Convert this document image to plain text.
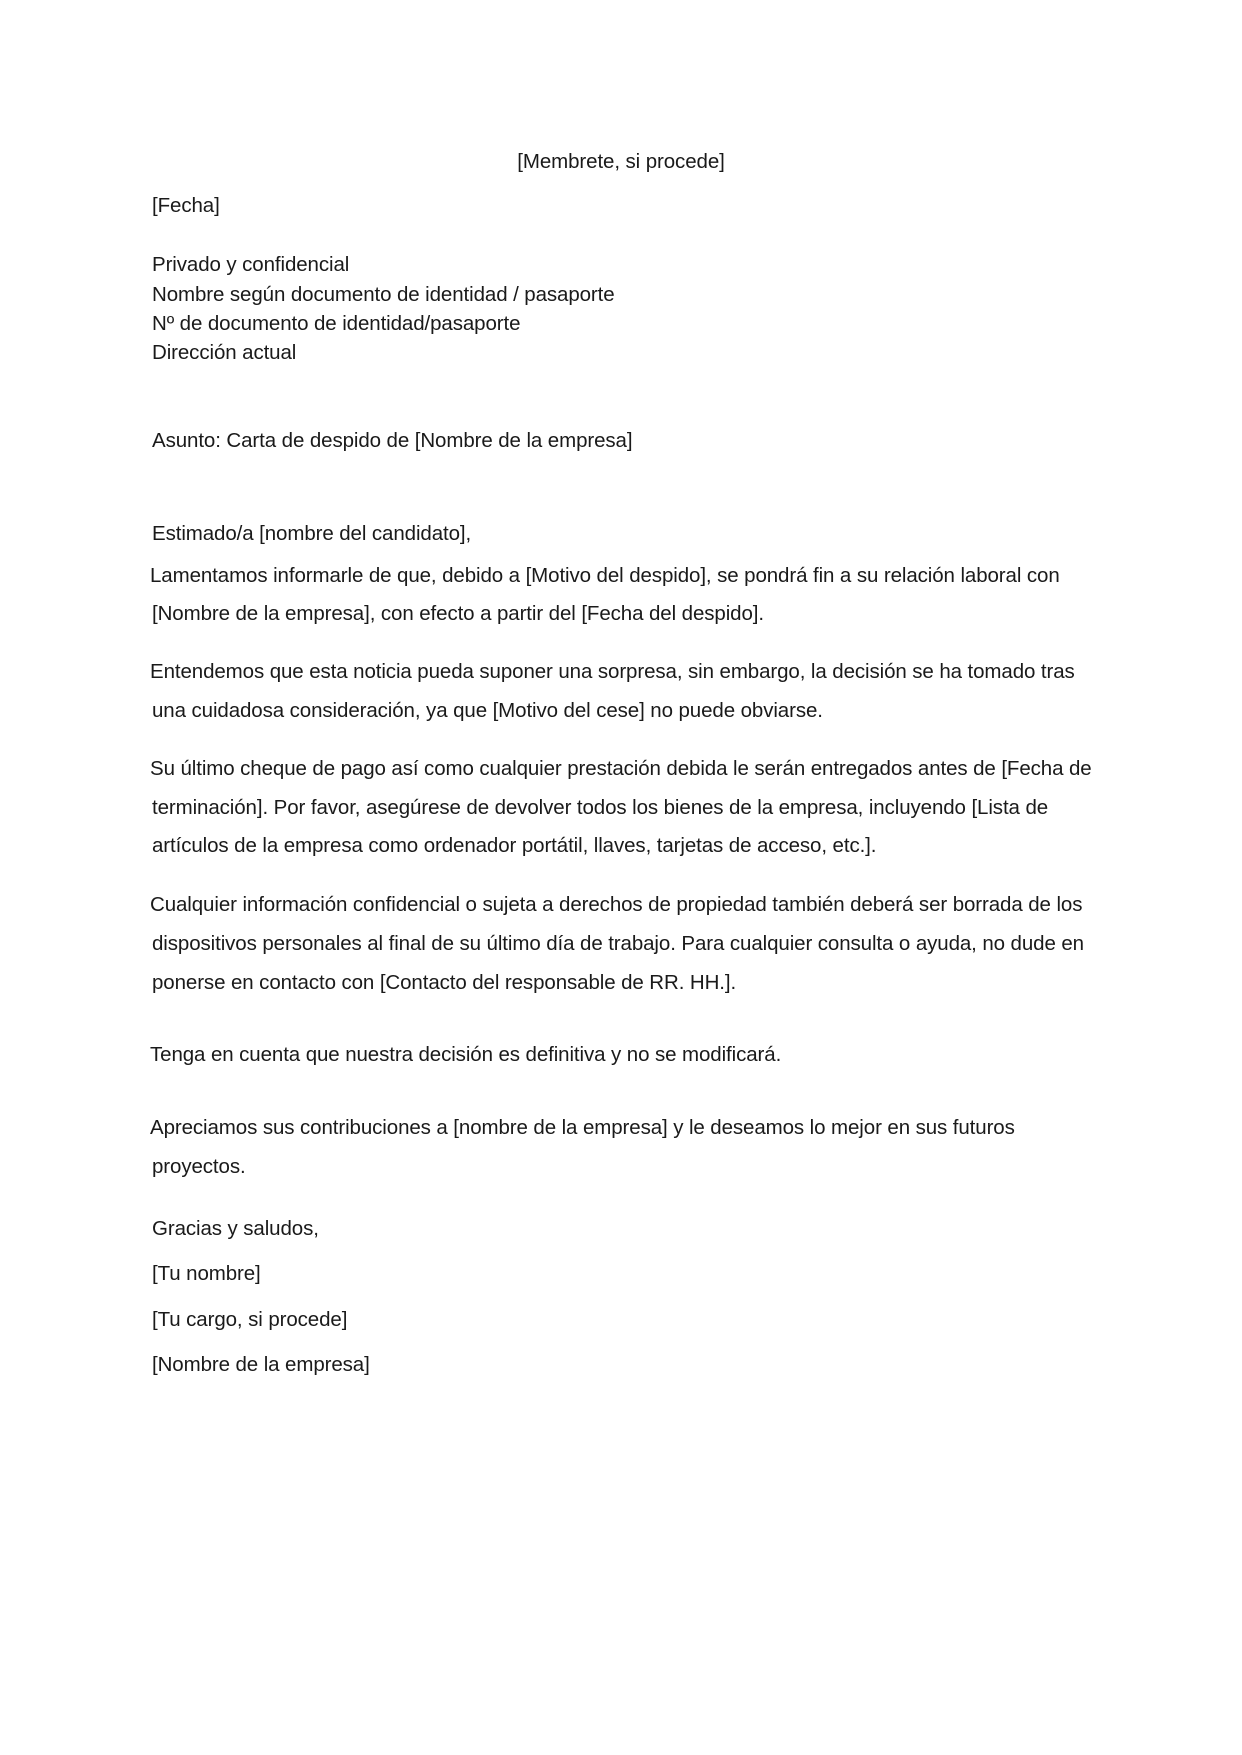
[Membrete, si procede]
[Fecha]
Privado y confidencial
Nombre según documento de identidad / pasaporte
Nº de documento de identidad/pasaporte
Dirección actual
Asunto: Carta de despido de [Nombre de la empresa]
Estimado/a [nombre del candidato],
Lamentamos informarle de que, debido a [Motivo del despido], se pondrá fin a su relación laboral con
[Nombre de la empresa], con efecto a partir del [Fecha del despido].
Entendemos que esta noticia pueda suponer una sorpresa, sin embargo, la decisión se ha tomado tras
una cuidadosa consideración, ya que [Motivo del cese] no puede obviarse.
Su último cheque de pago así como cualquier prestación debida le serán entregados antes de [Fecha de
terminación]. Por favor, asegúrese de devolver todos los bienes de la empresa, incluyendo [Lista de
artículos de la empresa como ordenador portátil, llaves, tarjetas de acceso, etc.].
Cualquier información confidencial o sujeta a derechos de propiedad también deberá ser borrada de los
dispositivos personales al final de su último día de trabajo. Para cualquier consulta o ayuda, no dude en
ponerse en contacto con [Contacto del responsable de RR. HH.].
Tenga en cuenta que nuestra decisión es definitiva y no se modificará.
Apreciamos sus contribuciones a [nombre de la empresa] y le deseamos lo mejor en sus futuros
proyectos.
Gracias y saludos,
[Tu nombre]
[Tu cargo, si procede]
[Nombre de la empresa]
